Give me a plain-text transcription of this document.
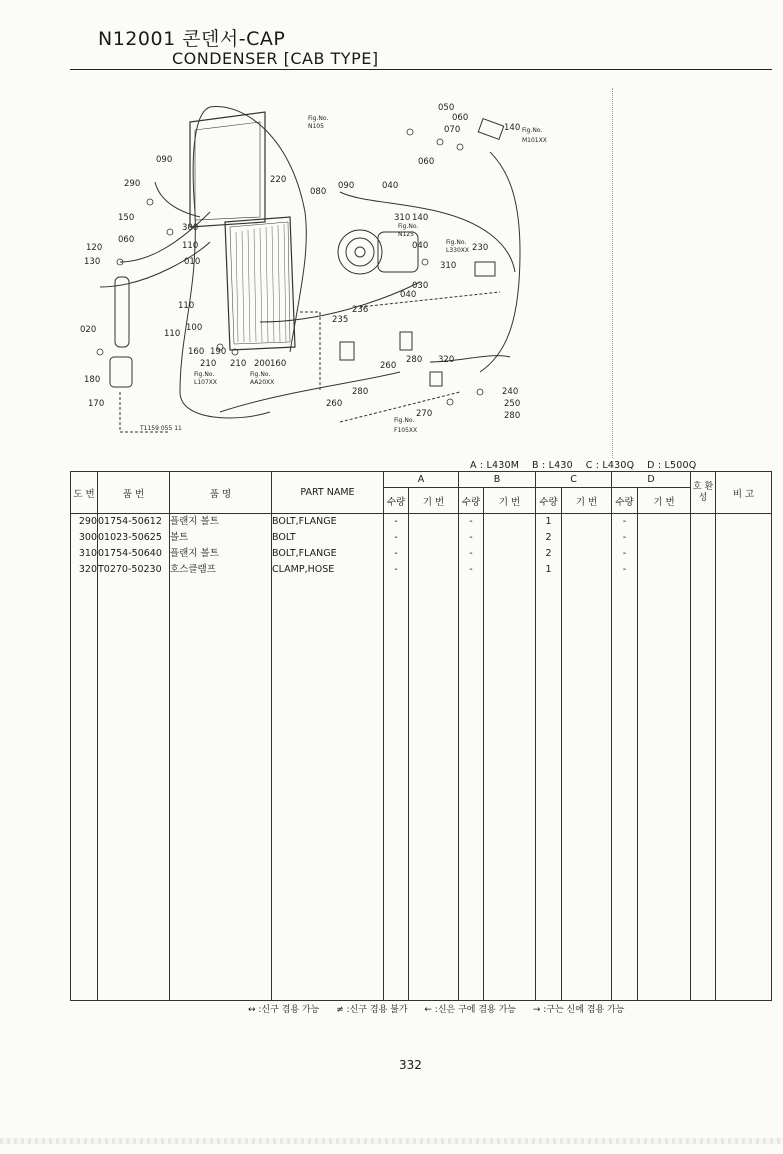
N12001 콘덴서-CAP
CONDENSER [CAB TYPE]
050
060
070	140 Fig.No.
M101XX
Fig.No.
N105
090
220
080
090	040
060
290
150
300
060
110
120
130	010
310 140
Fig.No.
N125
040	Fig.No.
L330XX 230
310
030
040
020
110
100
110
236
235
160 190
210 200 160
210
Fig.No.
L107XX
Fig.No.
AA20XX
260
280 320
180
170
280
260
240
250
280
270
Fig.No.
F105XX
T1159 055 11
A : L430M    B : L430    C : L430Q    D : L500Q
도 번	품 번	품 명	PART NAME	A		B		C		D		호 환 성	비 고
				수량	기 번	수량	기 번	수량	기 번	수량	기 번		
290	01754-50612	플랜지 볼트	BOLT,FLANGE	-		-		1		-			
300	01023-50625	볼트	BOLT	-		-		2		-			
310	01754-50640	플랜지 볼트	BOLT,FLANGE	-		-		2		-			
320	T0270-50230	호스클램프	CLAMP,HOSE	-		-		1		-			

↔ :신구 겸용 가능 ≠ :신구 겸용 불가 ← :신은 구에 겸용 가능 → :구는 신에 겸용 가능
332
